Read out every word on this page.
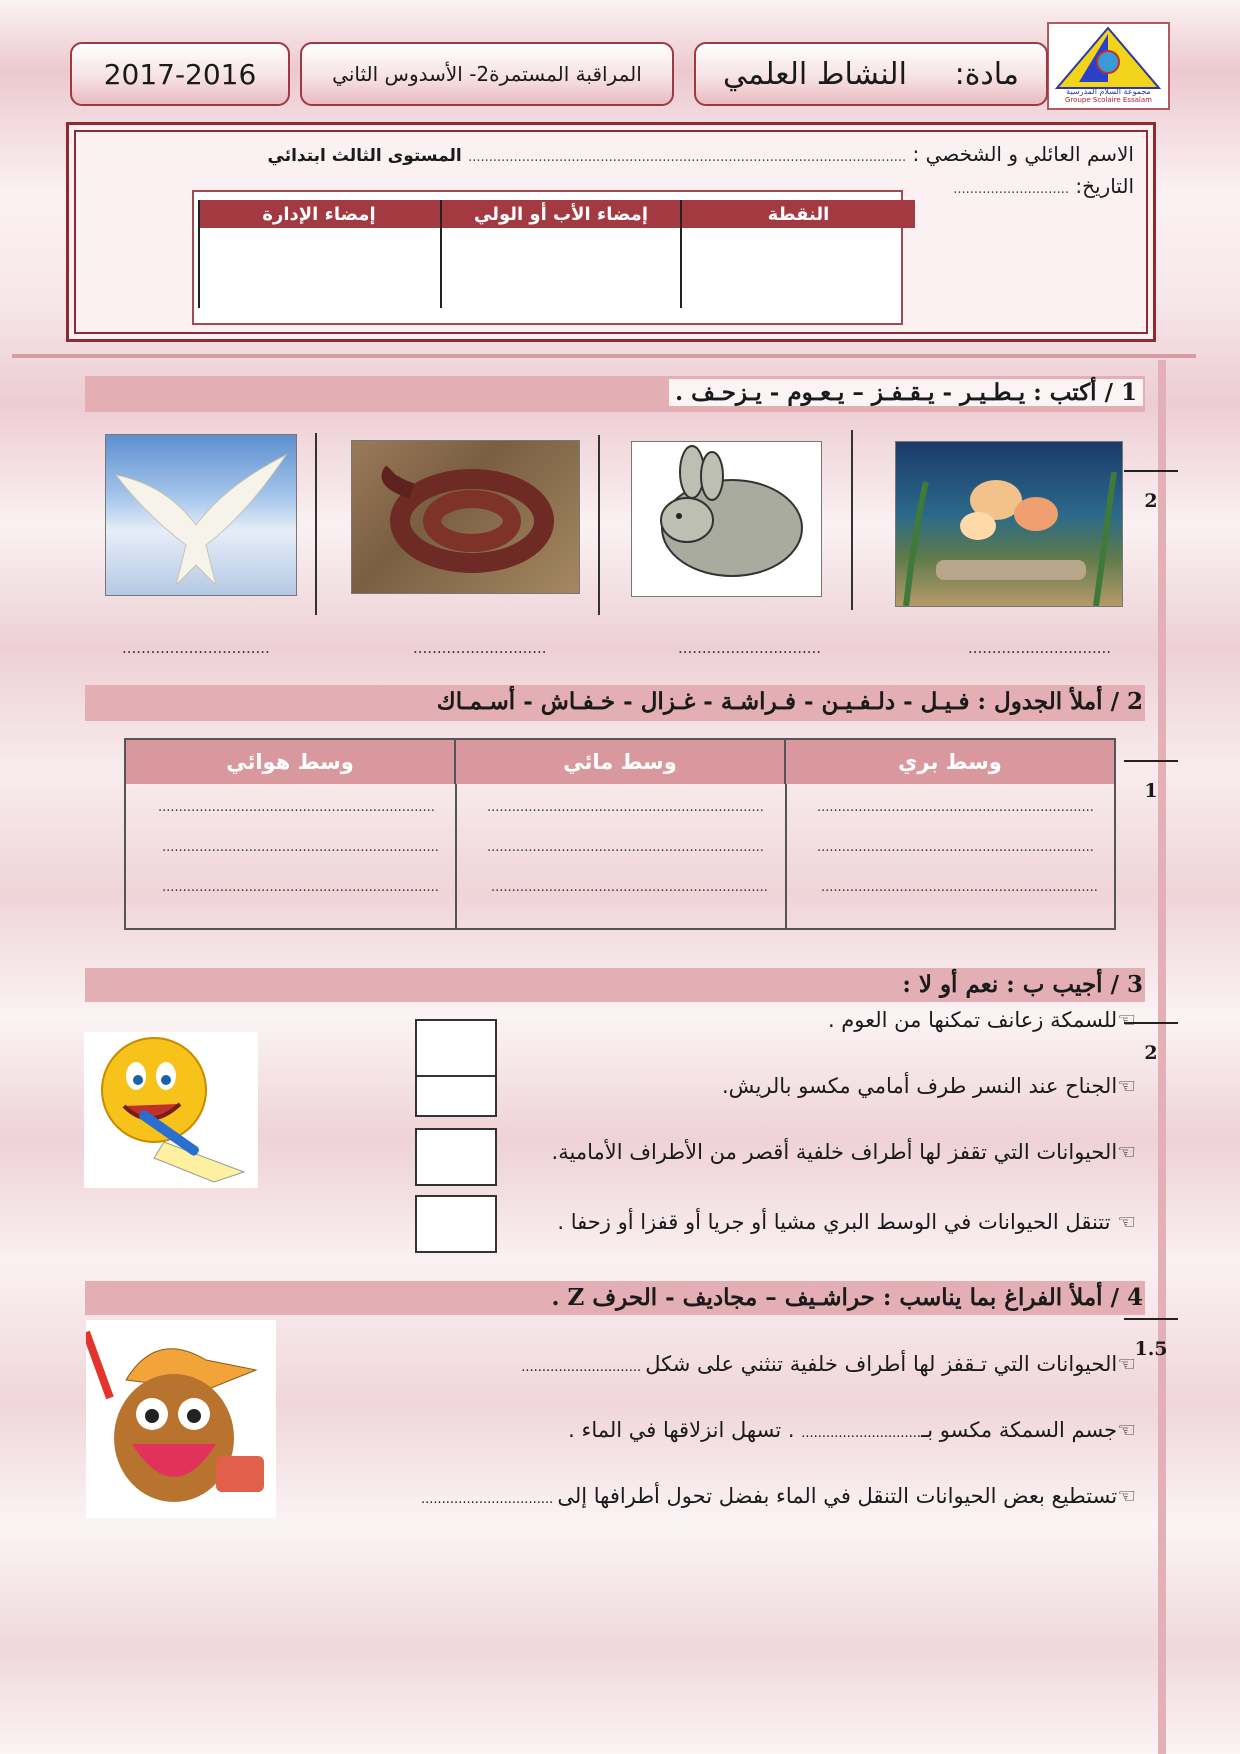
مجموعة السلام المدرسية
Groupe Scolaire Essalam
مادة:     النشاط العلمي
المراقبة المستمرة2- الأسدوس الثاني
2017-2016
الاسم العائلي و الشخصي : .......................................................................................................... المستوى الثالث ابتدائي
التاريخ: ............................
النقطة
إمضاء الأب أو الولي
إمضاء الإدارة
1 / أكتب : يـطـيـر - يـقـفـز – يـعـوم - يـزحـف .
..............................
..............................
............................
...............................
2
2 / أملأ الجدول : فـيـل - دلـفـيـن - فـراشـة - غـزال - خـفـاش - أسـمـاك
وسط هوائي	وسط مائي	وسط بري
...................................................................
...................................................................
...................................................................
...................................................................
...................................................................
...................................................................
...................................................................
...................................................................
...................................................................
1
3 / أجيب ب : نعم أو لا :
☜للسمكة زعانف تمكنها من العوم .
☜الجناح عند النسر طرف أمامي مكسو بالريش.
☜الحيوانات التي تقفز لها أطراف خلفية أقصر من الأطراف الأمامية.
☜ تتنقل الحيوانات في الوسط البري مشيا أو جريا أو قفزا أو زحفا .
2
4 / أملأ الفراغ بما يناسب : حراشـيف – مجاديف - الحرف Z .
☜الحيوانات التي تـقفز لها أطراف خلفية تنثني على شكل .............................
☜جسم السمكة مكسو بـ............................. . تسهل انزلاقها في الماء .
☜تستطيع بعض الحيوانات التنقل في الماء بفضل تحول أطرافها إلى ................................
1.5
